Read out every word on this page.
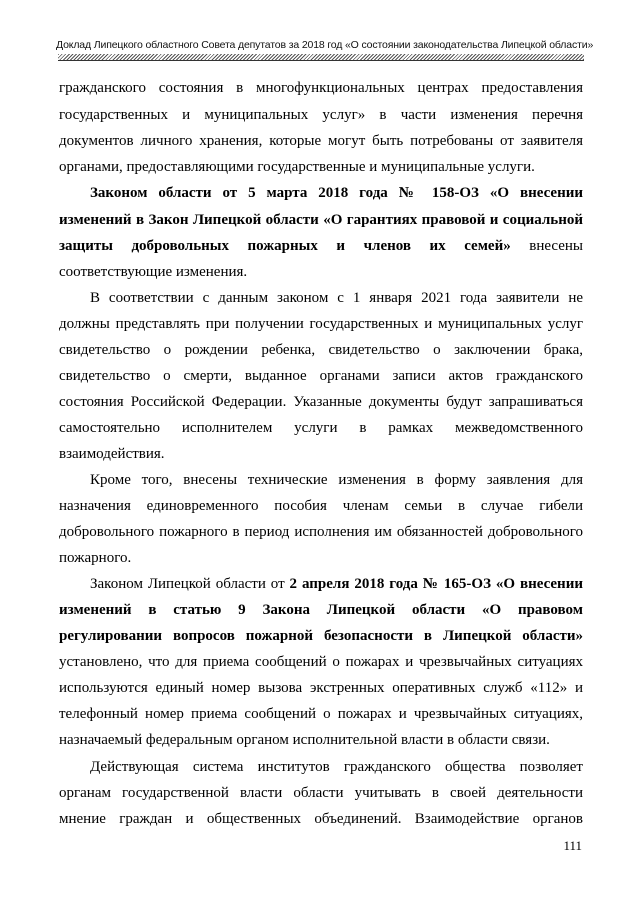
Доклад Липецкого областного Совета депутатов за 2018 год «О состоянии законодательства Липецкой области»
гражданского состояния в многофункциональных центрах предоставления
государственных и муниципальных услуг» в части изменения перечня
документов личного хранения, которые могут быть потребованы от заявителя
органами, предоставляющими государственные и муниципальные услуги.
Законом области от 5 марта 2018 года № 158-ОЗ «О внесении
изменений в Закон Липецкой области «О гарантиях правовой и социальной
защиты добровольных пожарных и членов их семей» внесены
соответствующие изменения.
В соответствии с данным законом с 1 января 2021 года заявители не
должны представлять при получении государственных и муниципальных услуг
свидетельство о рождении ребенка, свидетельство о заключении брака,
свидетельство о смерти, выданное органами записи актов гражданского
состояния Российской Федерации. Указанные документы будут запрашиваться
самостоятельно исполнителем услуги в рамках межведомственного
взаимодействия.
Кроме того, внесены технические изменения в форму заявления для
назначения единовременного пособия членам семьи в случае гибели
добровольного пожарного в период исполнения им обязанностей добровольного
пожарного.
Законом Липецкой области от 2 апреля 2018 года № 165-ОЗ «О внесении
изменений в статью 9 Закона Липецкой области «О правовом
регулировании вопросов пожарной безопасности в Липецкой области»
установлено, что для приема сообщений о пожарах и чрезвычайных ситуациях
используются единый номер вызова экстренных оперативных служб «112» и
телефонный номер приема сообщений о пожарах и чрезвычайных ситуациях,
назначаемый федеральным органом исполнительной власти в области связи.
Действующая система институтов гражданского общества позволяет
органам государственной власти области учитывать в своей деятельности
мнение граждан и общественных объединений. Взаимодействие органов
111
